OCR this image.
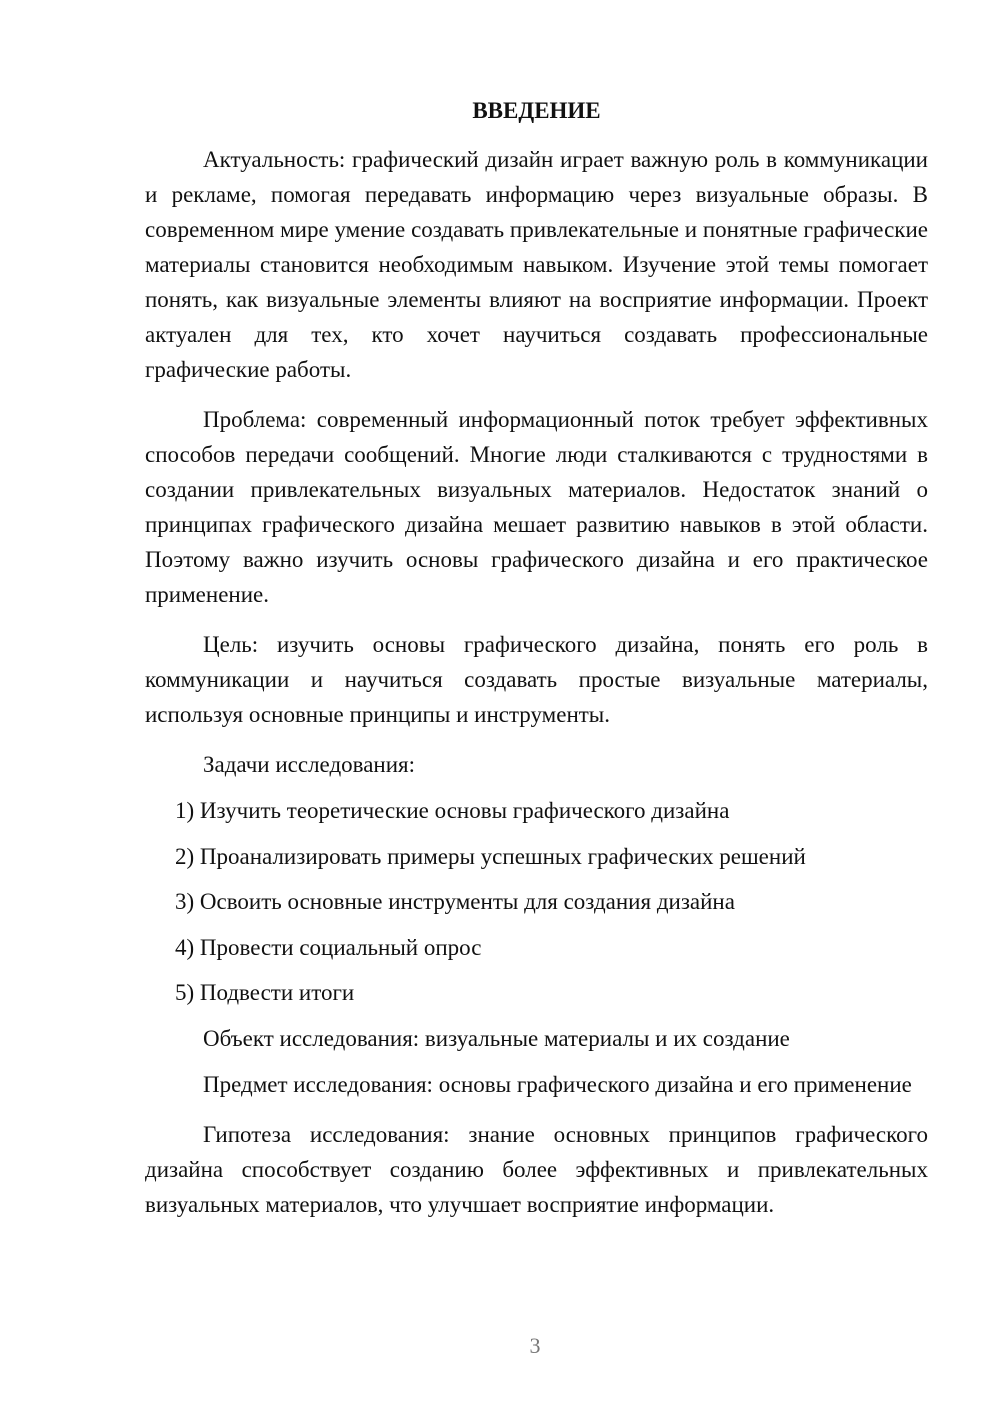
ВВЕДЕНИЕ

Актуальность: графический дизайн играет важную роль в коммуникации и рекламе, помогая передавать информацию через визуальные образы. В современном мире умение создавать привлекательные и понятные графические материалы становится необходимым навыком. Изучение этой темы помогает понять, как визуальные элементы влияют на восприятие информации. Проект актуален для тех, кто хочет научиться создавать профессиональные графические работы.

Проблема: современный информационный поток требует эффективных способов передачи сообщений. Многие люди сталкиваются с трудностями в создании привлекательных визуальных материалов. Недостаток знаний о принципах графического дизайна мешает развитию навыков в этой области. Поэтому важно изучить основы графического дизайна и его практическое применение.

Цель: изучить основы графического дизайна, понять его роль в коммуникации и научиться создавать простые визуальные материалы, используя основные принципы и инструменты.

Задачи исследования:

1) Изучить теоретические основы графического дизайна

2) Проанализировать примеры успешных графических решений

3) Освоить основные инструменты для создания дизайна

4) Провести социальный опрос

5) Подвести итоги

Объект исследования: визуальные материалы и их создание

Предмет исследования: основы графического дизайна и его применение

Гипотеза исследования: знание основных принципов графического дизайна способствует созданию более эффективных и привлекательных визуальных материалов, что улучшает восприятие информации.

3
